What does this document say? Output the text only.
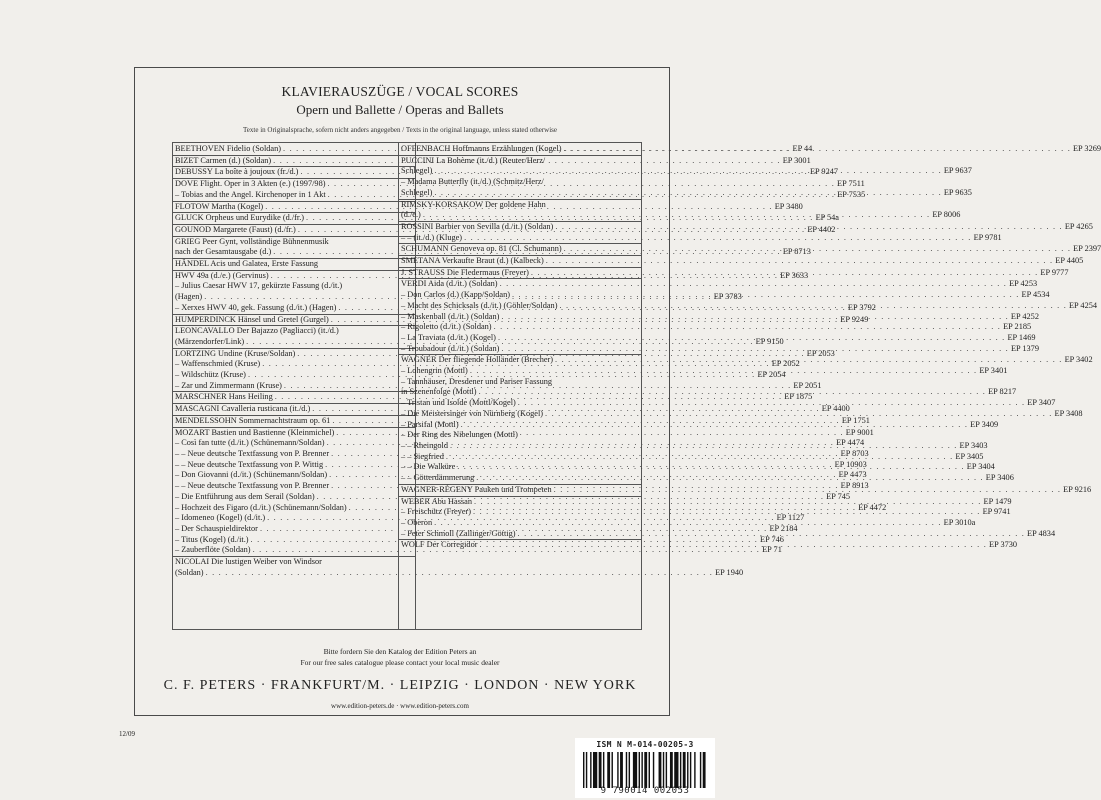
KLAVIERAUSZÜGE / VOCAL SCORES
Opern und Ballette / Operas and Ballets
Texte in Originalsprache, sofern nicht anders angegeben / Texts in the original language, unless stated otherwise
BEETHOVEN Fidelio (Soldan) . . .	EP 44
BIZET Carmen (d.) (Soldan) . . .	EP 3001
DEBUSSY La boîte à joujoux (fr./d.) . . .	EP 9247
DOVE Flight. Oper in 3 Akten (e.) (1997/98) . . .	EP 7511
– Tobias and the Angel. Kirchenoper in 1 Akt . . .	EP 7535
FLOTOW Martha (Kogel) . . .	EP 3480
GLUCK Orpheus und Eurydike (d./fr.) . . .	EP 54a
GOUNOD Margarete (Faust) (d./fr.) . . .	EP 4402
GRIEG Peer Gynt, vollständige Bühnenmusik
nach der Gesamtausgabe (d.) . . .	EP 8713
HÄNDEL Acis und Galatea, Erste Fassung
HWV 49a (d./e.) (Gervinus) . . .	EP 3633
– Julius Caesar HWV 17, gekürzte Fassung (d./it.)
(Hagen) . . .	EP 3783
– Xerxes HWV 40, gek. Fassung (d./it.) (Hagen) . . .	EP 3792
HUMPERDINCK Hänsel und Gretel (Gurgel) . . .	EP 9249
LEONCAVALLO Der Bajazzo (Pagliacci) (it./d.)
(Märzendorfer/Link) . . .	EP 9150
LORTZING Undine (Kruse/Soldan) . . .	EP 2053
– Waffenschmied (Kruse) . . .	EP 2052
– Wildschütz (Kruse) . . .	EP 2054
– Zar und Zimmermann (Kruse) . . .	EP 2051
MARSCHNER Hans Heiling . . .	EP 1875
MASCAGNI Cavalleria rusticana (it./d.) . . .	EP 4400
MENDELSSOHN Sommernachtstraum op. 61 . . .	EP 1751
MOZART Bastien und Bastienne (Kleinmichel) . . .	EP 9001
– Così fan tutte (d./it.) (Schünemann/Soldan) . . .	EP 4474
– – Neue deutsche Textfassung von P. Brenner . . .	EP 8703
– – Neue deutsche Textfassung von P. Wittig . . .	EP 10903
– Don Giovanni (d./it.) (Schünemann/Soldan) . . .	EP 4473
– – Neue deutsche Textfassung von P. Brenner . . .	EP 8913
– Die Entführung aus dem Serail (Soldan) . . .	EP 745
– Hochzeit des Figaro (d./it.) (Schünemann/Soldan) . . .	EP 4472
– Idomeneo (Kogel) (d./it.) . . .	EP 1127
– Der Schauspieldirektor . . .	EP 2184
– Titus (Kogel) (d./it.) . . .	EP 746
– Zauberflöte (Soldan) . . .	EP 71
NICOLAI Die lustigen Weiber von Windsor
(Soldan) . . .	EP 1940
OFFENBACH Hoffmanns Erzählungen (Kogel) . . .	EP 3269
PUCCINI La Bohème (it./d.) (Reuter/Herz/
Schlegel) . . .	EP 9637
– Madama Butterfly (it./d.) (Schmitz/Herz/
Schlegel) . . .	EP 9635
RIMSKY-KORSAKOW Der goldene Hahn
(d./e.) . . .	EP 8006
ROSSINI Barbier von Sevilla (d./it.) (Soldan) . . .	EP 4265
– – (it./d.) (Kluge) . . .	EP 9781
SCHUMANN Genoveva op. 81 (Cl. Schumann) . . .	EP 2397
SMETANA Verkaufte Braut (d.) (Kalbeck) . . .	EP 4405
J. STRAUSS Die Fledermaus (Freyer) . . .	EP 9777
VERDI Aida (d./it.) (Soldan) . . .	EP 4253
– Don Carlos (d.) (Kapp/Soldan) . . .	EP 4534
– Macht des Schicksals (d./it.) (Göhler/Soldan) . . .	EP 4254
– Maskenball (d./it.) (Soldan) . . .	EP 4252
– Rigoletto (d./it.) (Soldan) . . .	EP 2185
– La Traviata (d./it.) (Kogel) . . .	EP 1469
– Troubadour (d./it.) (Soldan) . . .	EP 1379
WAGNER Der fliegende Holländer (Brecher) . . .	EP 3402
– Lohengrin (Mottl) . . .	EP 3401
– Tannhäuser, Dresdener und Pariser Fassung
in Szenenfolge (Mottl) . . .	EP 8217
– Tristan und Isolde (Mottl/Kogel) . . .	EP 3407
– Die Meistersinger von Nürnberg (Kogel) . . .	EP 3408
– Parsifal (Mottl) . . .	EP 3409
– Der Ring des Nibelungen (Mottl)
– – Rheingold . . .	EP 3403
– – Siegfried . . .	EP 3405
– – Die Walküre . . .	EP 3404
– – Götterdämmerung . . .	EP 3406
WAGNER-RÉGENY Pauken und Trompeten . . .	EP 9216
WEBER Abu Hassan . . .	EP 1479
– Freischütz (Freyer) . . .	EP 9741
– Oberon . . .	EP 3010a
– Peter Schmoll (Zallinger/Göttig) . . .	EP 4834
WOLF Der Corregidor . . .	EP 3730
Bitte fordern Sie den Katalog der Edition Peters an
For our free sales catalogue please contact your local music dealer
C. F. PETERS · FRANKFURT/M. · LEIPZIG · LONDON · NEW YORK
www.edition-peters.de · www.edition-peters.com
12/09
ISM N M-014-00205-3
9 790014 002053
